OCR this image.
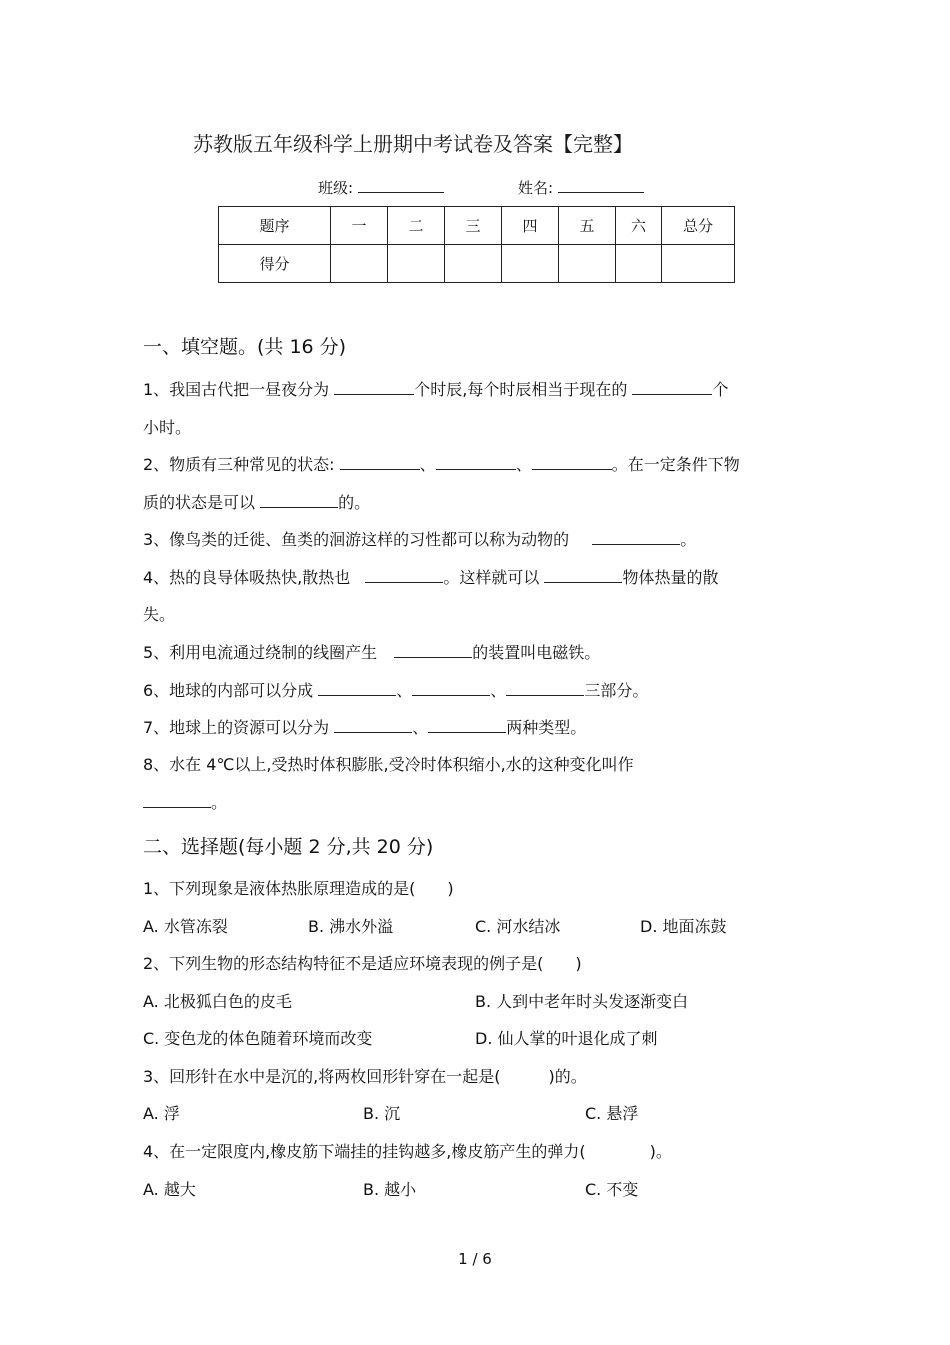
苏教版五年级科学上册期中考试卷及答案【完整】
班级:	姓名:
题序	一	二	三	四	五	六	总分
得分							
一、填空题。(共 16 分)
1、我国古代把一昼夜分为	个时辰,每个时辰相当于现在的	个
小时。
2、物质有三种常见的状态:	、	、	。在一定条件下物
质的状态是可以	的。
3、像鸟类的迁徙、鱼类的洄游这样的习性都可以称为动物的	。
4、热的良导体吸热快,散热也	。这样就可以	物体热量的散
失。
5、利用电流通过绕制的线圈产生	的装置叫电磁铁。
6、地球的内部可以分成	、	、	三部分。
7、地球上的资源可以分为	、	两种类型。
8、水在 4℃以上,受热时体积膨胀,受冷时体积缩小,水的这种变化叫作
。
二、选择题(每小题 2 分,共 20 分)
1、下列现象是液体热胀原理造成的是(　　)
A. 水管冻裂	B. 沸水外溢	C. 河水结冰	D. 地面冻鼓
2、下列生物的形态结构特征不是适应环境表现的例子是(　　)
A. 北极狐白色的皮毛	B. 人到中老年时头发逐渐变白
C. 变色龙的体色随着环境而改变	D. 仙人掌的叶退化成了刺
3、回形针在水中是沉的,将两枚回形针穿在一起是(　　　)的。
A. 浮	B. 沉	C. 悬浮
4、在一定限度内,橡皮筋下端挂的挂钩越多,橡皮筋产生的弹力(　　　　)。
A. 越大	B. 越小	C. 不变
1 / 6
